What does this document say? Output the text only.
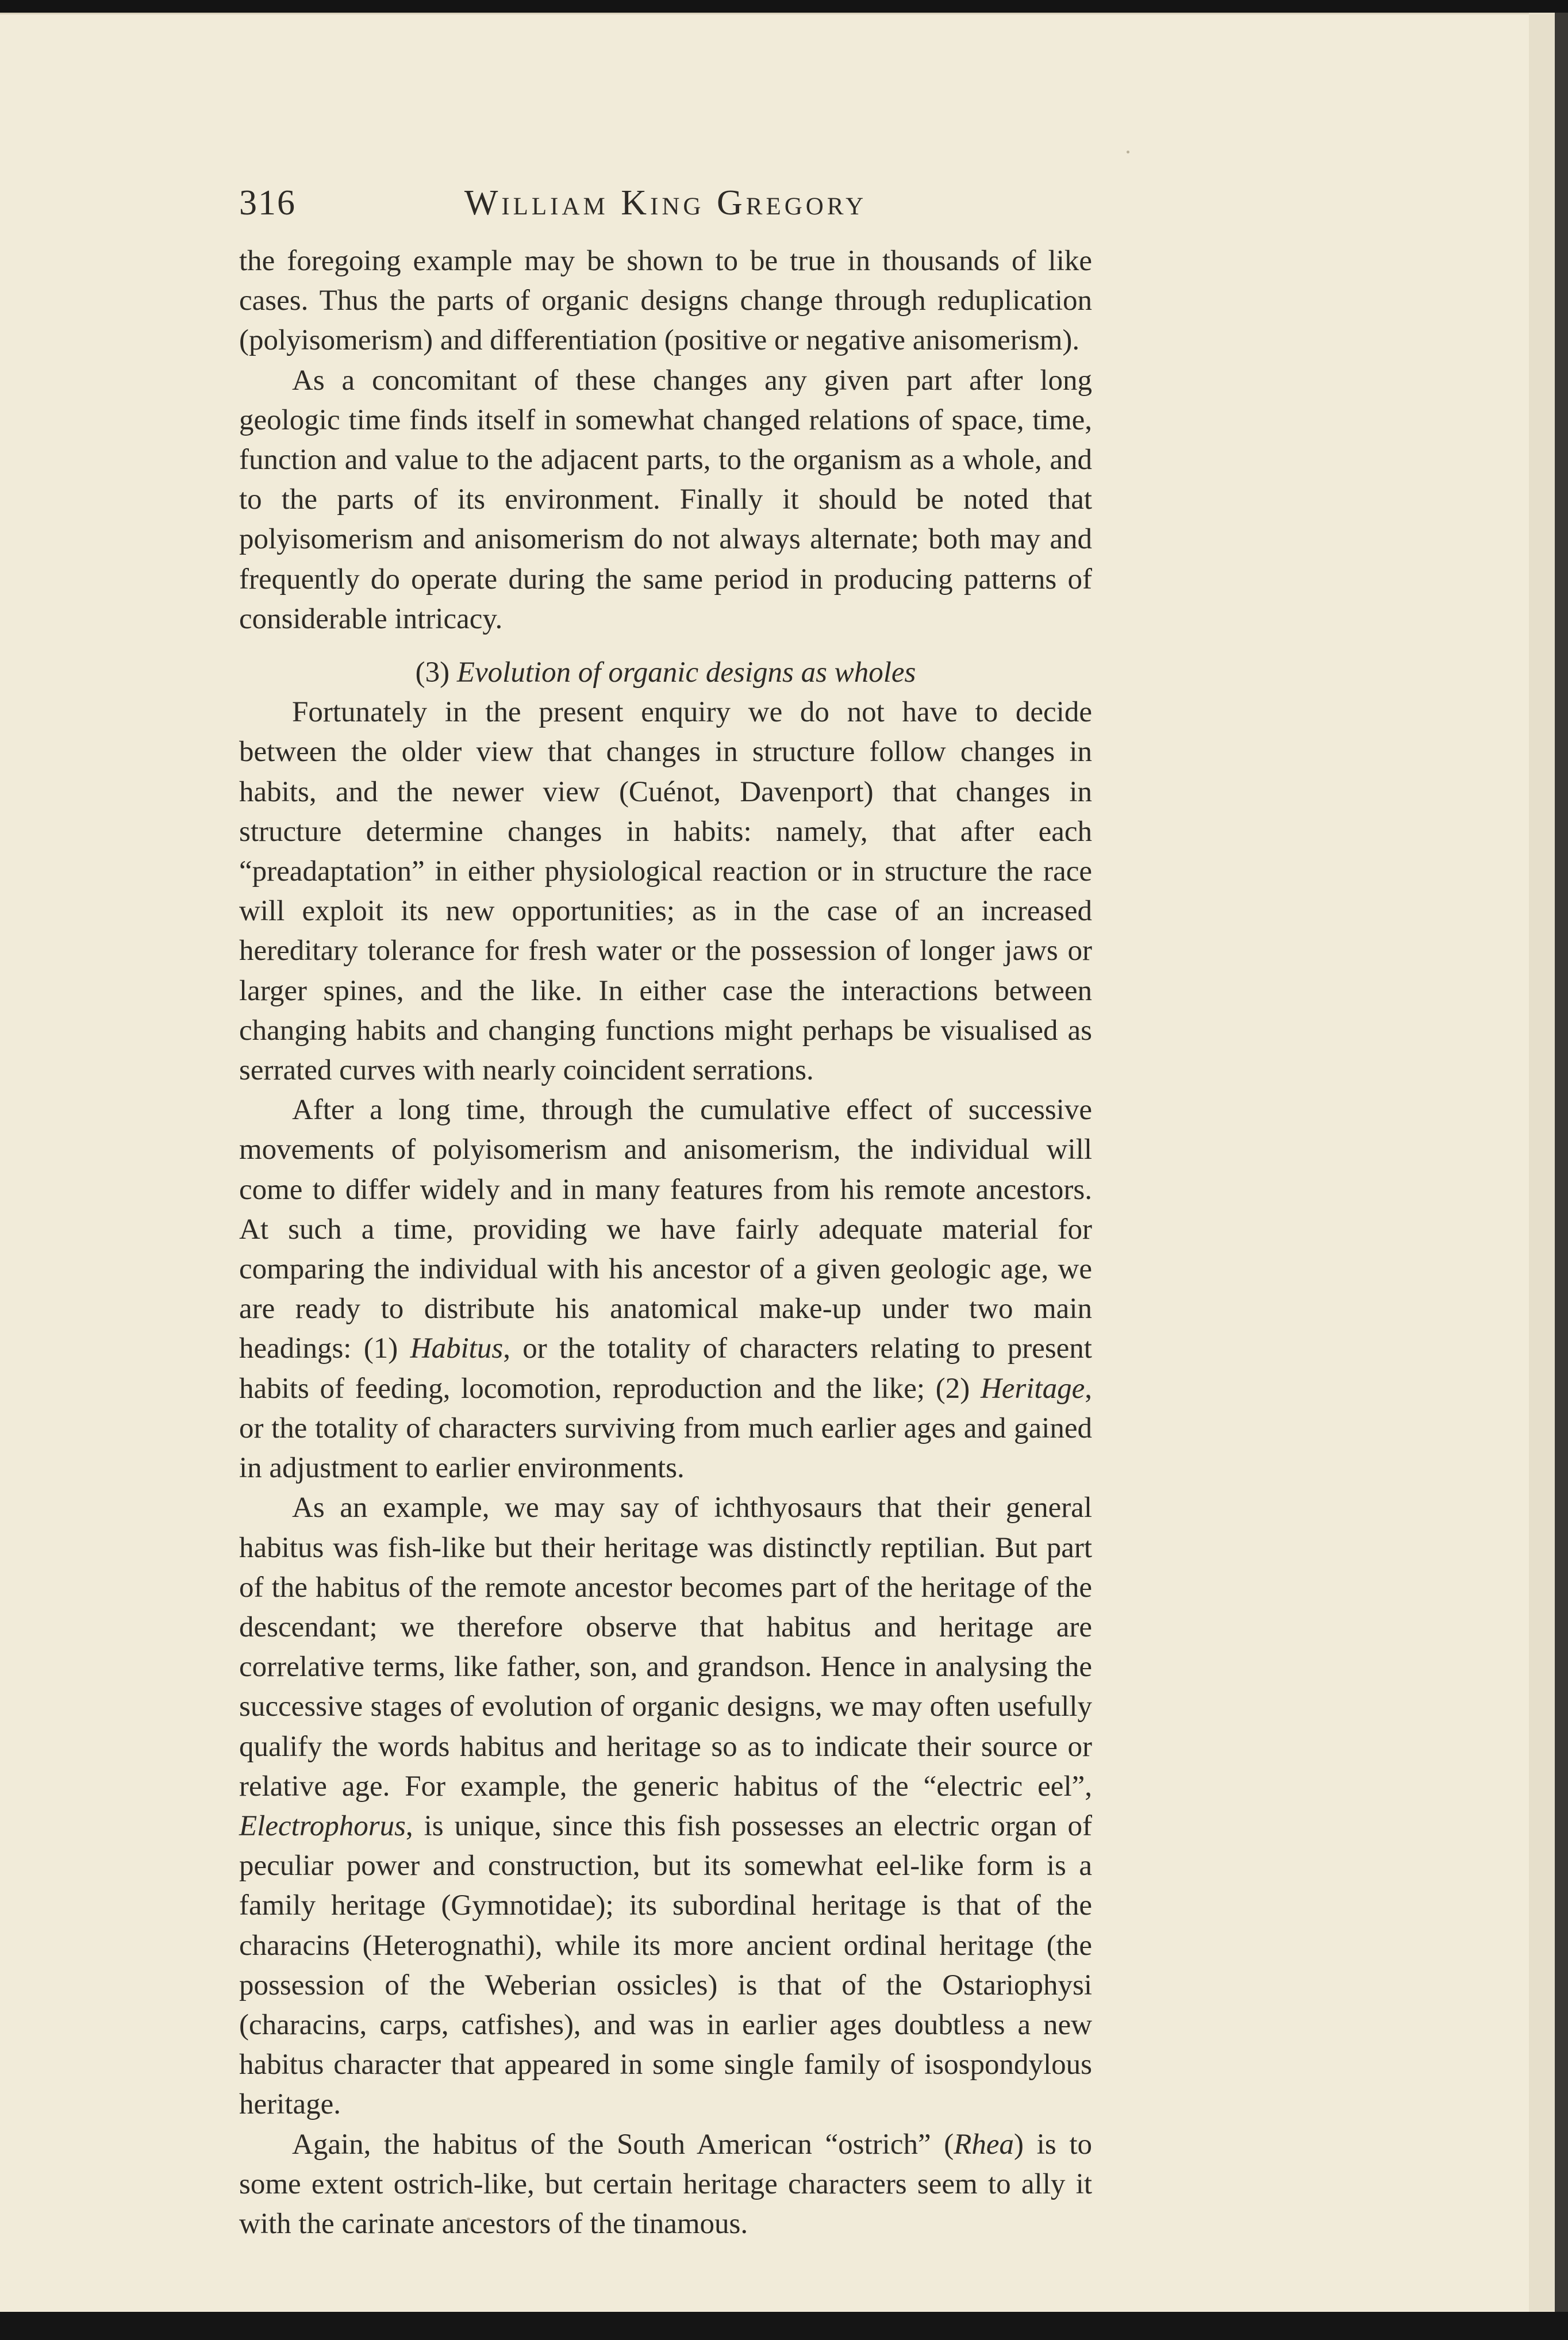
316	William King Gregory

the foregoing example may be shown to be true in thousands of like cases. Thus the parts of organic designs change through reduplication (polyisomerism) and differentiation (positive or negative anisomerism).

As a concomitant of these changes any given part after long geologic time finds itself in somewhat changed relations of space, time, function and value to the adjacent parts, to the organism as a whole, and to the parts of its environment. Finally it should be noted that polyisomerism and anisomerism do not always alternate; both may and frequently do operate during the same period in producing patterns of considerable intricacy.

(3) Evolution of organic designs as wholes

Fortunately in the present enquiry we do not have to decide between the older view that changes in structure follow changes in habits, and the newer view (Cuénot, Davenport) that changes in structure determine changes in habits: namely, that after each “preadaptation” in either physiological reaction or in structure the race will exploit its new opportunities; as in the case of an increased hereditary tolerance for fresh water or the possession of longer jaws or larger spines, and the like. In either case the interactions between changing habits and changing functions might perhaps be visualised as serrated curves with nearly coincident serrations.

After a long time, through the cumulative effect of successive movements of polyisomerism and anisomerism, the individual will come to differ widely and in many features from his remote ancestors. At such a time, providing we have fairly adequate material for comparing the individual with his ancestor of a given geologic age, we are ready to distribute his anatomical make-up under two main headings: (1) Habitus, or the totality of characters relating to present habits of feeding, locomotion, reproduction and the like; (2) Heritage, or the totality of characters surviving from much earlier ages and gained in adjustment to earlier environments.

As an example, we may say of ichthyosaurs that their general habitus was fish-like but their heritage was distinctly reptilian. But part of the habitus of the remote ancestor becomes part of the heritage of the descendant; we therefore observe that habitus and heritage are correlative terms, like father, son, and grandson. Hence in analysing the successive stages of evolution of organic designs, we may often usefully qualify the words habitus and heritage so as to indicate their source or relative age. For example, the generic habitus of the “electric eel”, Electrophorus, is unique, since this fish possesses an electric organ of peculiar power and construction, but its somewhat eel-like form is a family heritage (Gymnotidae); its subordinal heritage is that of the characins (Heterognathi), while its more ancient ordinal heritage (the possession of the Weberian ossicles) is that of the Ostariophysi (characins, carps, catfishes), and was in earlier ages doubtless a new habitus character that appeared in some single family of isospondylous heritage.

Again, the habitus of the South American “ostrich” (Rhea) is to some extent ostrich-like, but certain heritage characters seem to ally it with the carinate ancestors of the tinamous.
